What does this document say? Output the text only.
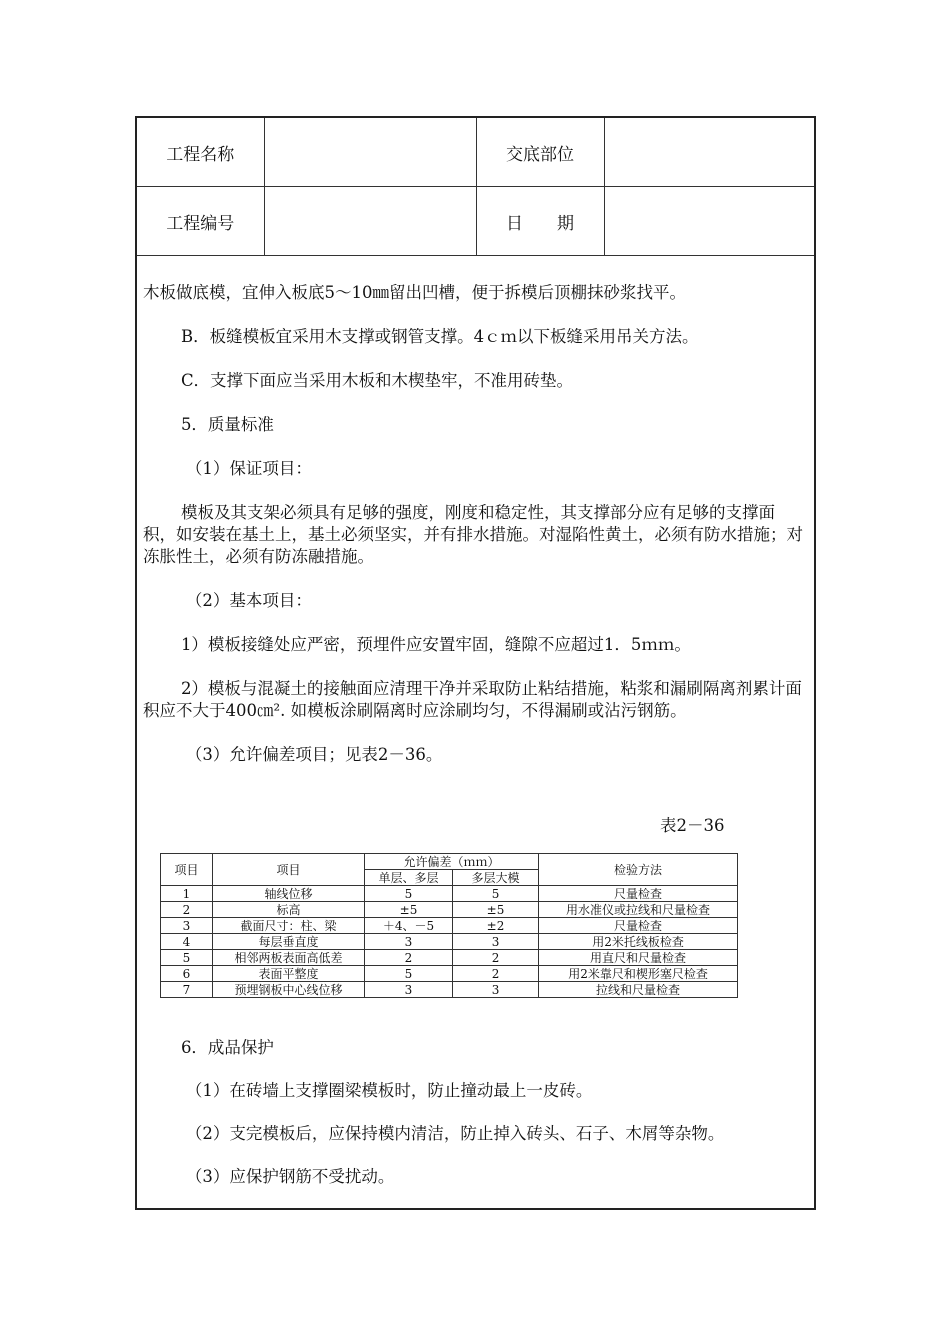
工程名称		交底部位	
工程编号		日　　期	

木板做底模，宜伸入板底5～10㎜留出凹槽，便于拆模后顶棚抹砂浆找平。

B．板缝模板宜采用木支撑或钢管支撑。4ｃｍ以下板缝采用吊关方法。

C．支撑下面应当采用木板和木楔垫牢，不准用砖垫。

5．质量标准

（1）保证项目：

模板及其支架必须具有足够的强度，刚度和稳定性，其支撑部分应有足够的支撑面积，如安装在基土上，基土必须坚实，并有排水措施。对湿陷性黄土，必须有防水措施；对冻胀性土，必须有防冻融措施。

（2）基本项目：

1）模板接缝处应严密，预埋件应安置牢固，缝隙不应超过1．5ｍｍ。

2）模板与混凝土的接触面应清理干净并采取防止粘结措施，粘浆和漏刷隔离剂累计面积应不大于400㎝². 如模板涂刷隔离时应涂刷均匀，不得漏刷或沾污钢筋。

（3）允许偏差项目；见表2－36。

表2－36
项目	项目	允许偏差（ｍｍ）		检验方法
		单层、多层	多层大模	
1	轴线位移	5	5	尺量检查
2	标高	±5	±5	用水准仪或拉线和尺量检查
3	截面尺寸：柱、梁	＋4、－5	±2	尺量检查
4	每层垂直度	3	3	用2米托线板检查
5	相邻两板表面高低差	2	2	用直尺和尺量检查
6	表面平整度	5	2	用2米靠尺和楔形塞尺检查
7	预埋钢板中心线位移	3	3	拉线和尺量检查

6．成品保护

（1）在砖墙上支撑圈梁模板时，防止撞动最上一皮砖。

（2）支完模板后，应保持模内清洁，防止掉入砖头、石子、木屑等杂物。

（3）应保护钢筋不受扰动。
